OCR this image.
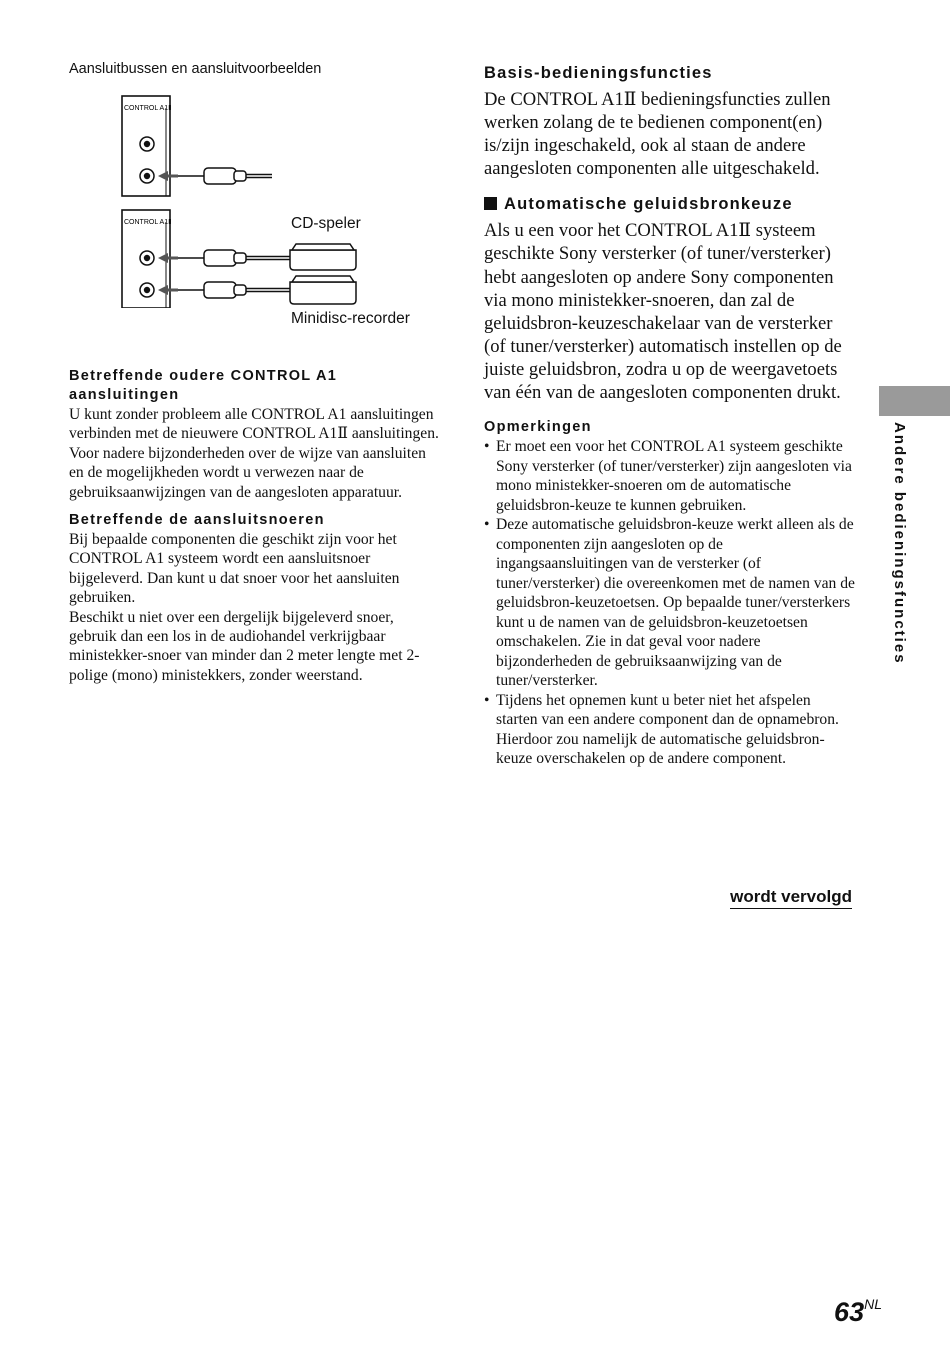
Aansluitbussen en aansluitvoorbeelden
CONTROL A1Ⅱ
CONTROL A1Ⅱ	CD-speler
Minidisc-recorder
Betreffende oudere CONTROL A1 aansluitingen

U kunt zonder probleem alle CONTROL A1 aansluitingen verbinden met de nieuwere CONTROL A1Ⅱ aansluitingen. Voor nadere bijzonderheden over de wijze van aansluiten en de mogelijkheden wordt u verwezen naar de gebruiksaanwijzingen van de aangesloten apparatuur.

Betreffende de aansluitsnoeren

Bij bepaalde componenten die geschikt zijn voor het CONTROL A1 systeem wordt een aansluitsnoer bijgeleverd. Dan kunt u dat snoer voor het aansluiten gebruiken.

Beschikt u niet over een dergelijk bijgeleverd snoer, gebruik dan een los in de audiohandel verkrijgbaar ministekker-snoer van minder dan 2 meter lengte met 2-polige (mono) ministekkers, zonder weerstand.

Basis-bedieningsfuncties

De CONTROL A1Ⅱ bedieningsfuncties zullen werken zolang de te bedienen component(en) is/zijn ingeschakeld, ook al staan de andere aangesloten componenten alle uitgeschakeld.

Automatische geluidsbronkeuze

Als u een voor het CONTROL A1Ⅱ systeem geschikte Sony versterker (of tuner/versterker) hebt aangesloten op andere Sony componenten via mono ministekker-snoeren, dan zal de geluidsbron-keuzeschakelaar van de versterker (of tuner/versterker) automatisch instellen op de juiste geluidsbron, zodra u op de weergavetoets van één van de aangesloten componenten drukt.

Opmerkingen
• Er moet een voor het CONTROL A1 systeem geschikte Sony versterker (of tuner/versterker) zijn aangesloten via mono ministekker-snoeren om de automatische geluidsbron-keuze te kunnen gebruiken.
• Deze automatische geluidsbron-keuze werkt alleen als de componenten zijn aangesloten op de ingangsaansluitingen van de versterker (of tuner/versterker) die overeenkomen met de namen van de geluidsbron-keuzetoetsen. Op bepaalde tuner/versterkers kunt u de namen van de geluidsbron-keuzetoetsen omschakelen. Zie in dat geval voor nadere bijzonderheden de gebruiksaanwijzing van de tuner/versterker.
• Tijdens het opnemen kunt u beter niet het afspelen starten van een andere component dan de opnamebron. Hierdoor zou namelijk de automatische geluidsbron-keuze overschakelen op de andere component.
wordt vervolgd
Andere bedieningsfuncties
$63^{NL}$
